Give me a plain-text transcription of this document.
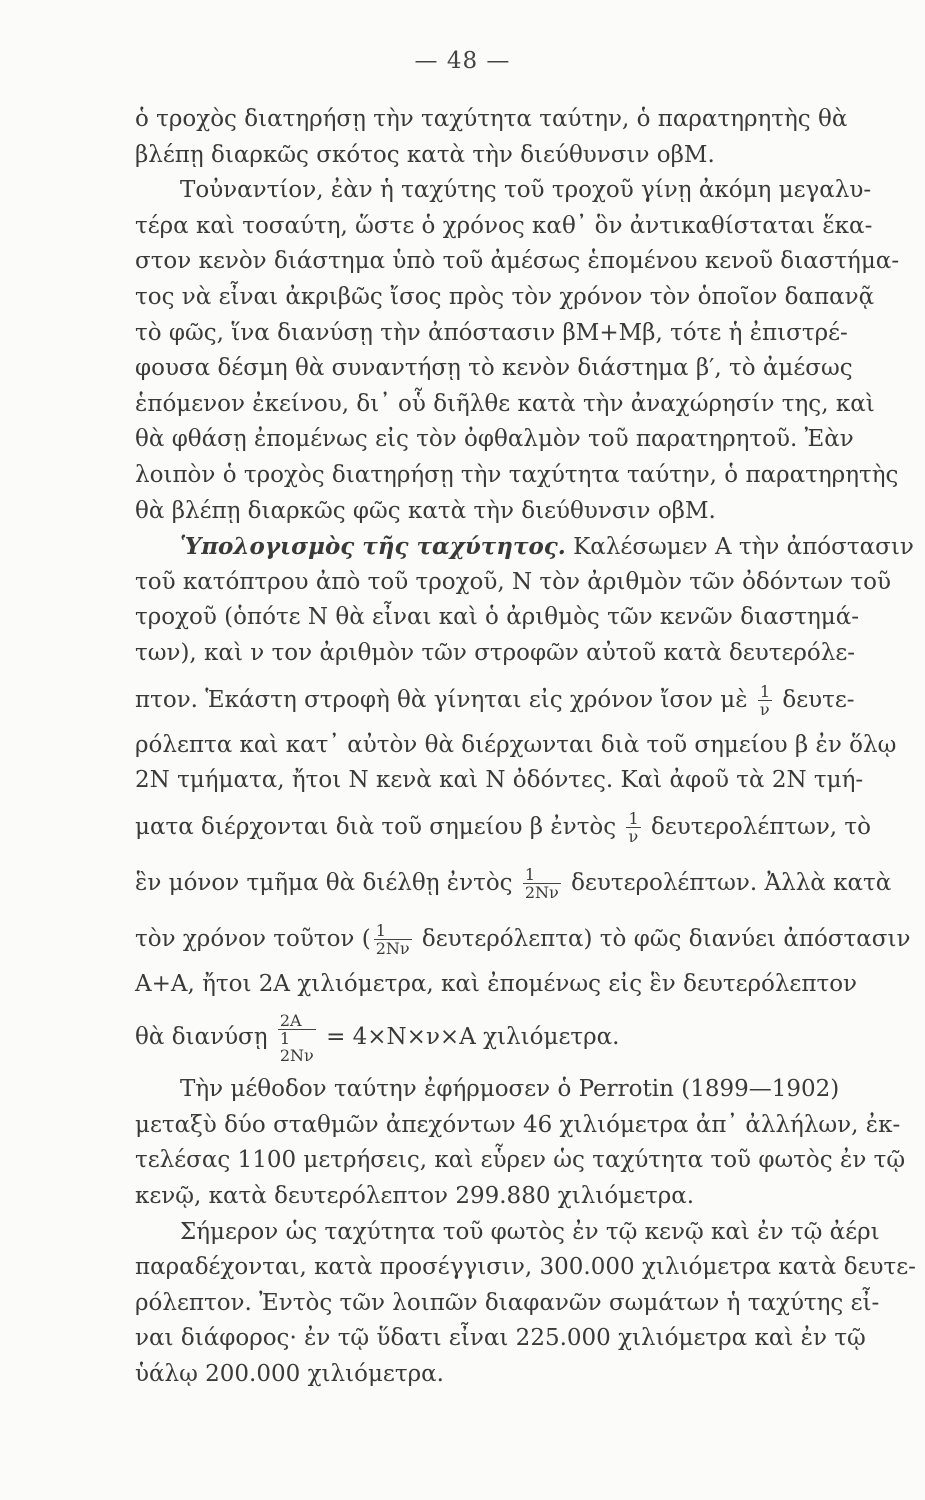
— 48 —
ὁ τροχὸς διατηρήσῃ τὴν ταχύτητα ταύτην, ὁ παρατηρητὴς θὰ
βλέπῃ διαρκῶς σκότος κατὰ τὴν διεύθυνσιν οβΜ.
Τοὐναντίον, ἐὰν ἡ ταχύτης τοῦ τροχοῦ γίνῃ ἀκόμη μεγαλυ-
τέρα καὶ τοσαύτη, ὥστε ὁ χρόνος καθ᾽ ὃν ἀντικαθίσταται ἕκα-
στον κενὸν διάστημα ὑπὸ τοῦ ἀμέσως ἑπομένου κενοῦ διαστήμα-
τος νὰ εἶναι ἀκριβῶς ἴσος πρὸς τὸν χρόνον τὸν ὁποῖον δαπανᾷ
τὸ φῶς, ἵνα διανύσῃ τὴν ἀπόστασιν βΜ+Μβ, τότε ἡ ἐπιστρέ-
φουσα δέσμη θὰ συναντήσῃ τὸ κενὸν διάστημα β′, τὸ ἀμέσως
ἑπόμενον ἐκείνου, δι᾽ οὗ διῆλθε κατὰ τὴν ἀναχώρησίν της, καὶ
θὰ φθάσῃ ἐπομένως εἰς τὸν ὀφθαλμὸν τοῦ παρατηρητοῦ. Ἐὰν
λοιπὸν ὁ τροχὸς διατηρήσῃ τὴν ταχύτητα ταύτην, ὁ παρατηρητὴς
θὰ βλέπῃ διαρκῶς φῶς κατὰ τὴν διεύθυνσιν οβΜ.
Ὑπολογισμὸς τῆς ταχύτητος. Καλέσωμεν Α τὴν ἀπόστασιν
τοῦ κατόπτρου ἀπὸ τοῦ τροχοῦ, Ν τὸν ἀριθμὸν τῶν ὀδόντων τοῦ
τροχοῦ (ὁπότε Ν θὰ εἶναι καὶ ὁ ἀριθμὸς τῶν κενῶν διαστημά-
των), καὶ ν τον ἀριθμὸν τῶν στροφῶν αὐτοῦ κατὰ δευτερόλε-
πτον. Ἑκάστη στροφὴ θὰ γίνηται εἰς χρόνον ἴσον μὲ $\frac{1}{\nu} \delta\varepsilon\upsilon\tau\varepsilon-$
ρόλεπτα καὶ κατ᾽ αὐτὸν θὰ διέρχωνται διὰ τοῦ σημείου β ἐν ὅλῳ
2Ν τμήματα, ἤτοι Ν κενὰ καὶ Ν ὀδόντες. Καὶ ἀφοῦ τὰ 2Ν τμή-
ματα διέρχονται διὰ τοῦ σημείου β ἐντὸς $\frac{1}{\nu} \delta\varepsilon\upsilon\tau\varepsilon\rho o\lambda έ\pi\tau\omega\nu$, τὸ
ἓν μόνον τμῆμα θὰ διέλθῃ ἐντὸς $\frac{1}{2N\nu} \delta\varepsilon\upsilon\tau\varepsilon\rho o\lambda έ\pi\tau\omega\nu$. Ἀλλὰ κατὰ
τὸν χρόνον τοῦτον ( $\frac{1}{2N\nu} \delta\varepsilon\upsilon\tau\varepsilon\rho ό\lambda\varepsilon\pi\tau\alpha$) τὸ φῶς διανύει ἀπόστασιν
Α+Α, ἤτοι 2Α χιλιόμετρα, καὶ ἐπομένως εἰς ἓν δευτερόλεπτον
θὰ διανύσῃ
2Α
1
2Νν
= 4×Ν×ν×Α χιλιόμετρα.
Τὴν μέθοδον ταύτην ἐφήρμοσεν ὁ Perrotin (1899—1902)
μεταξὺ δύο σταθμῶν ἀπεχόντων 46 χιλιόμετρα ἀπ᾽ ἀλλήλων, ἐκ-
τελέσας 1100 μετρήσεις, καὶ εὗρεν ὡς ταχύτητα τοῦ φωτὸς ἐν τῷ
κενῷ, κατὰ δευτερόλεπτον 299.880 χιλιόμετρα.
Σήμερον ὡς ταχύτητα τοῦ φωτὸς ἐν τῷ κενῷ καὶ ἐν τῷ ἀέρι
παραδέχονται, κατὰ προσέγγισιν, 300.000 χιλιόμετρα κατὰ δευτε-
ρόλεπτον. Ἐντὸς τῶν λοιπῶν διαφανῶν σωμάτων ἡ ταχύτης εἶ-
ναι διάφορος· ἐν τῷ ὕδατι εἶναι 225.000 χιλιόμετρα καὶ ἐν τῷ
ὑάλῳ 200.000 χιλιόμετρα.
